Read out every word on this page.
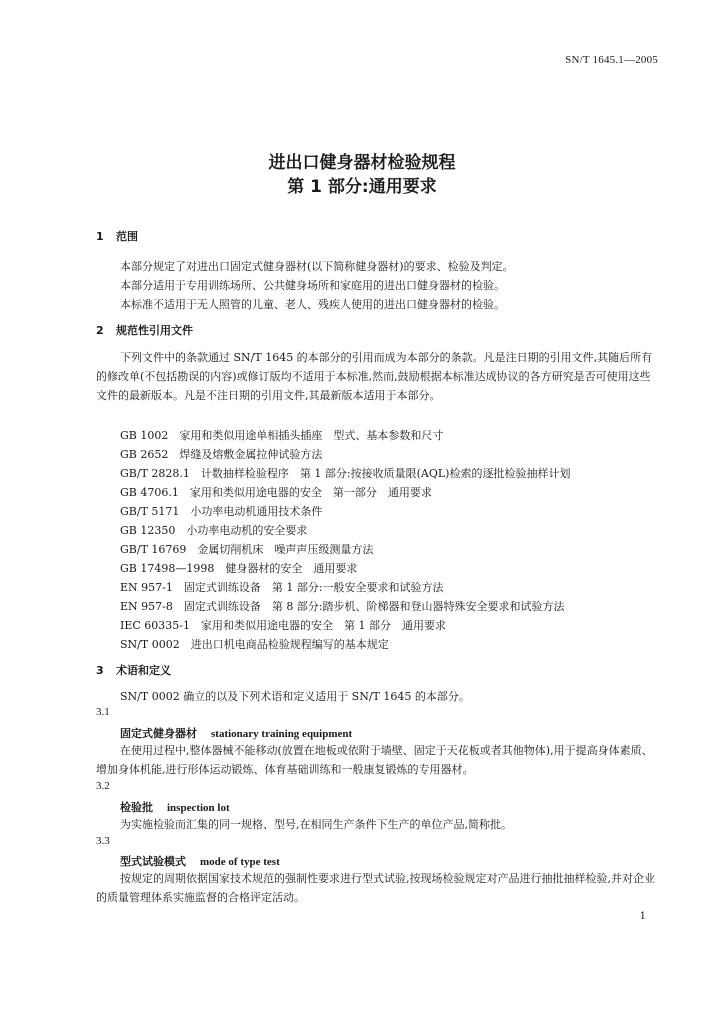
SN/T 1645.1—2005
进出口健身器材检验规程
第 1 部分:通用要求
1 范围
本部分规定了对进出口固定式健身器材(以下简称健身器材)的要求、检验及判定。
本部分适用于专用训练场所、公共健身场所和家庭用的进出口健身器材的检验。
本标准不适用于无人照管的儿童、老人、残疾人使用的进出口健身器材的检验。
2 规范性引用文件
下列文件中的条款通过 SN/T 1645 的本部分的引用而成为本部分的条款。凡是注日期的引用文件,其随后所有的修改单(不包括勘误的内容)或修订版均不适用于本标准,然而,鼓励根据本标准达成协议的各方研究是否可使用这些文件的最新版本。凡是不注日期的引用文件,其最新版本适用于本部分。
GB 1002　家用和类似用途单相插头插座　型式、基本参数和尺寸
GB 2652　焊缝及熔敷金属拉伸试验方法
GB/T 2828.1　计数抽样检验程序　第 1 部分:按接收质量限(AQL)检索的逐批检验抽样计划
GB 4706.1　家用和类似用途电器的安全　第一部分　通用要求
GB/T 5171　小功率电动机通用技术条件
GB 12350　小功率电动机的安全要求
GB/T 16769　金属切削机床　噪声声压级测量方法
GB 17498—1998　健身器材的安全　通用要求
EN 957-1　固定式训练设备　第 1 部分:一般安全要求和试验方法
EN 957-8　固定式训练设备　第 8 部分:踏步机、阶梯器和登山器特殊安全要求和试验方法
IEC 60335-1　家用和类似用途电器的安全　第 1 部分　通用要求
SN/T 0002　进出口机电商品检验规程编写的基本规定
3 术语和定义
SN/T 0002 确立的以及下列术语和定义适用于 SN/T 1645 的本部分。
3.1
固定式健身器材 stationary training equipment
在使用过程中,整体器械不能移动(放置在地板或依附于墙壁、固定于天花板或者其他物体),用于提高身体素质、增加身体机能,进行形体运动锻炼、体育基础训练和一般康复锻炼的专用器材。
3.2
检验批 inspection lot
为实施检验而汇集的同一规格、型号,在相同生产条件下生产的单位产品,简称批。
3.3
型式试验模式 mode of type test
按规定的周期依据国家技术规范的强制性要求进行型式试验,按现场检验规定对产品进行抽批抽样检验,并对企业的质量管理体系实施监督的合格评定活动。
1
